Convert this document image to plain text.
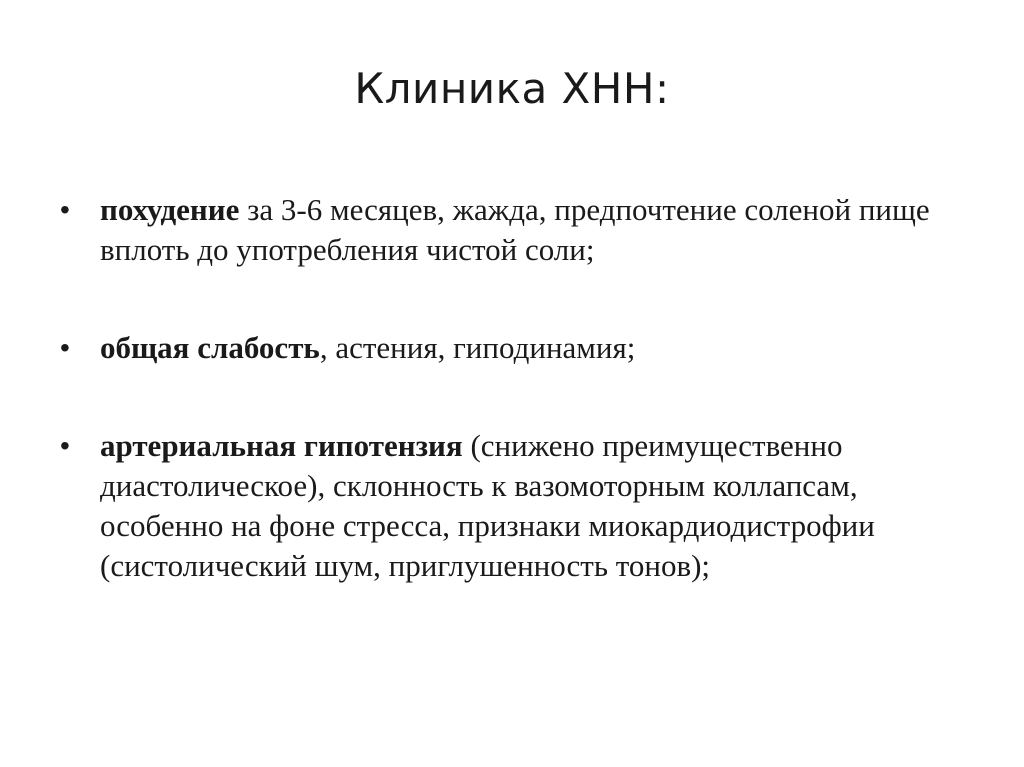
Клиника ХНН:
• похудение за 3-6 месяцев, жажда, предпочтение соленой пище вплоть до употребления чистой соли;
• общая слабость, астения, гиподинамия;
• артериальная гипотензия (снижено преимущественно диастолическое), склонность к вазомоторным коллапсам, особенно на фоне стресса, признаки миокардиодистрофии (систолический шум, приглушенность тонов);
